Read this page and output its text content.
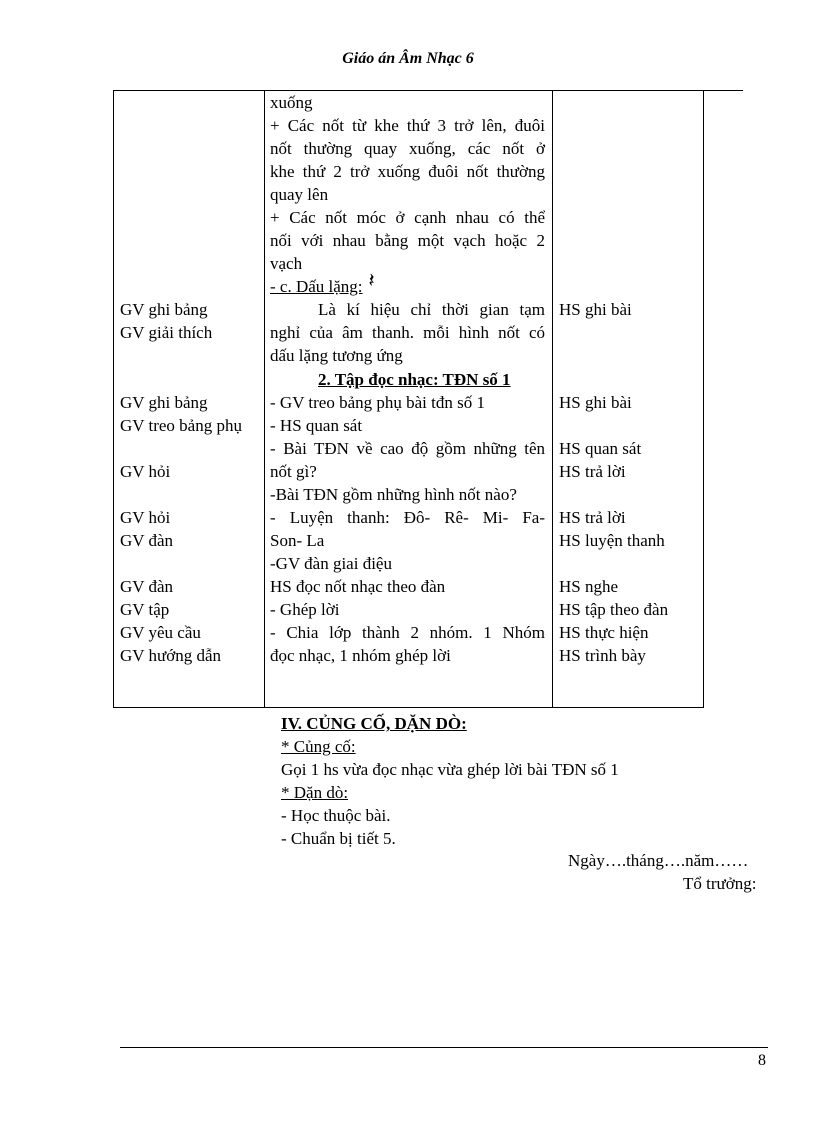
Giáo án Âm Nhạc 6
xuống
+ Các nốt từ khe thứ 3 trở lên, đuôi
nốt thường quay xuống, các nốt ở
khe thứ 2 trở xuống đuôi nốt thường
quay lên
+ Các nốt móc ở cạnh nhau có thể
nối với nhau bằng một vạch hoặc 2
vạch
- c. Dấu lặng: 𝄽
Là kí hiệu chỉ thời gian tạm
nghỉ của âm thanh. mỗi hình nốt có
dấu lặng tương ứng
2. Tập đọc nhạc: TĐN số 1
- GV treo bảng phụ bài tđn số 1
- HS quan sát
- Bài TĐN về cao độ gồm những tên
nốt gì?
-Bài TĐN gồm những hình nốt nào?
- Luyện thanh: Đô- Rê- Mi- Fa-
Son- La
-GV đàn giai điệu
HS đọc nốt nhạc theo đàn
- Ghép lời
- Chia lớp thành 2 nhóm. 1 Nhóm
đọc nhạc, 1 nhóm ghép lời
GV ghi bảng
GV giải thích
GV ghi bảng
GV treo bảng phụ
GV hỏi
GV hỏi
GV đàn
GV đàn
GV tập
GV yêu cầu
GV hướng dẫn
HS ghi bài
HS ghi bài
HS quan sát
HS trả lời
HS trả lời
HS luyện thanh
HS nghe
HS tập theo đàn
HS thực hiện
HS trình bày
IV. CỦNG CỐ, DẶN DÒ:
* Củng cố:
Gọi 1 hs vừa đọc nhạc vừa ghép lời bài TĐN số 1
* Dặn dò:
- Học thuộc bài.
- Chuẩn bị tiết 5.
Ngày….tháng….năm……
Tổ trưởng:
8
